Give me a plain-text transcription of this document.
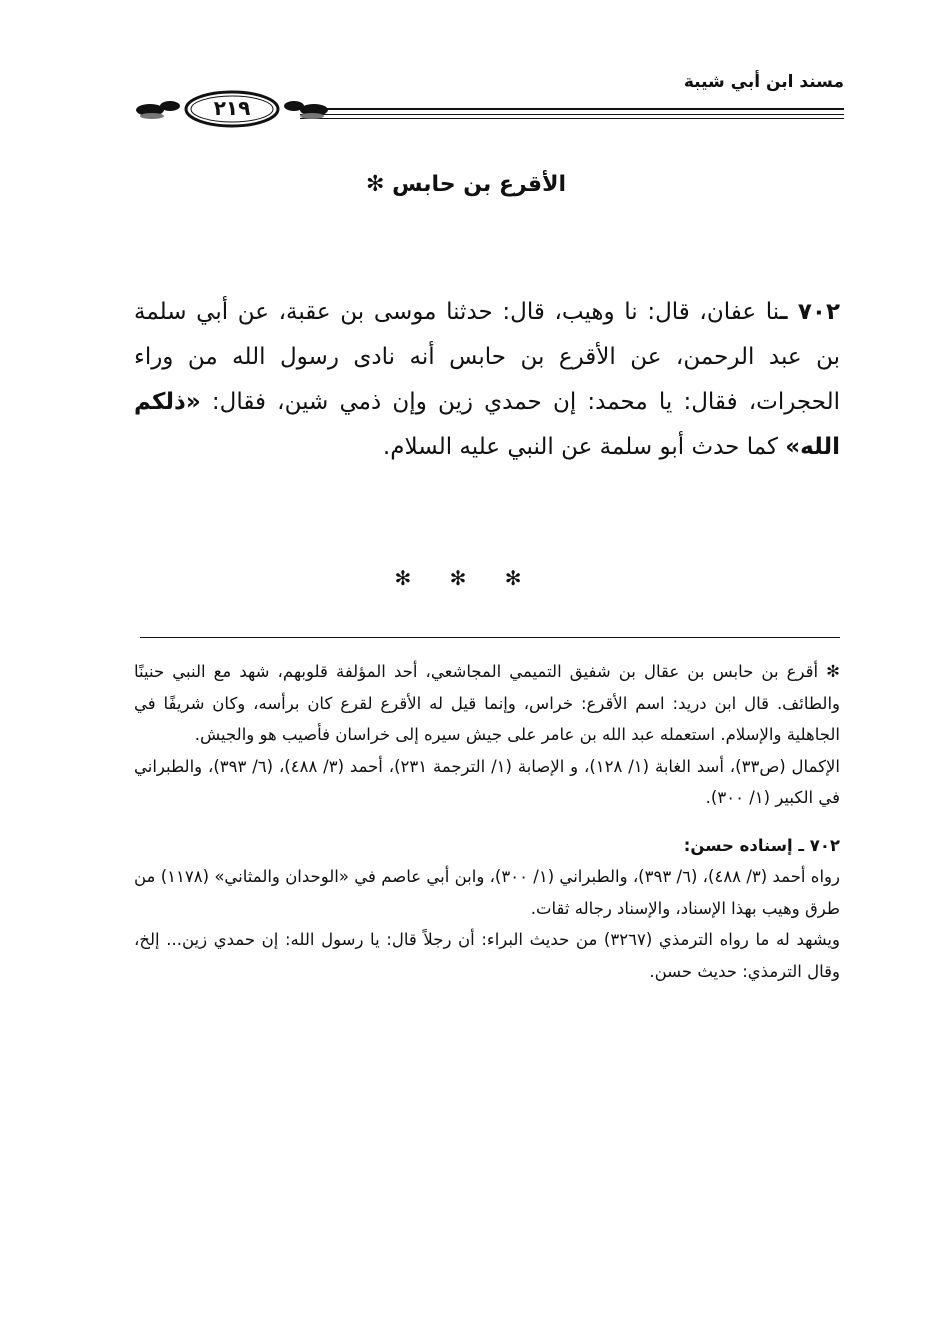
مسند ابن أبي شيبة
٢١٩
الأقرع بن حابس ✻
٧٠٢ ـنا عفان، قال: نا وهيب، قال: حدثنا موسى بن عقبة، عن أبي سلمة بن عبد الرحمن، عن الأقرع بن حابس أنه نادى رسول الله من وراء الحجرات، فقال: يا محمد: إن حمدي زين وإن ذمي شين، فقال: «ذلكم الله» كما حدث أبو سلمة عن النبي عليه السلام.
✻ ✻ ✻

✻ أقرع بن حابس بن عقال بن شفيق التميمي المجاشعي، أحد المؤلفة قلوبهم، شهد مع النبي حنينًا والطائف. قال ابن دريد: اسم الأقرع: خراس، وإنما قيل له الأقرع لقرع كان برأسه، وكان شريفًا في الجاهلية والإسلام. استعمله عبد الله بن عامر على جيش سيره إلى خراسان فأصيب هو والجيش.

الإكمال (ص٣٣)، أسد الغابة (١/ ١٢٨)، و الإصابة (١/ الترجمة ٢٣١)، أحمد (٣/ ٤٨٨)، (٦/ ٣٩٣)، والطبراني في الكبير (١/ ٣٠٠).

٧٠٢ ـ إسناده حسن:

رواه أحمد (٣/ ٤٨٨)، (٦/ ٣٩٣)، والطبراني (١/ ٣٠٠)، وابن أبي عاصم في «الوحدان والمثاني» (١١٧٨) من طرق وهيب بهذا الإسناد، والإسناد رجاله ثقات.

ويشهد له ما رواه الترمذي (٣٢٦٧) من حديث البراء: أن رجلاً قال: يا رسول الله: إن حمدي زين... إلخ، وقال الترمذي: حديث حسن.
